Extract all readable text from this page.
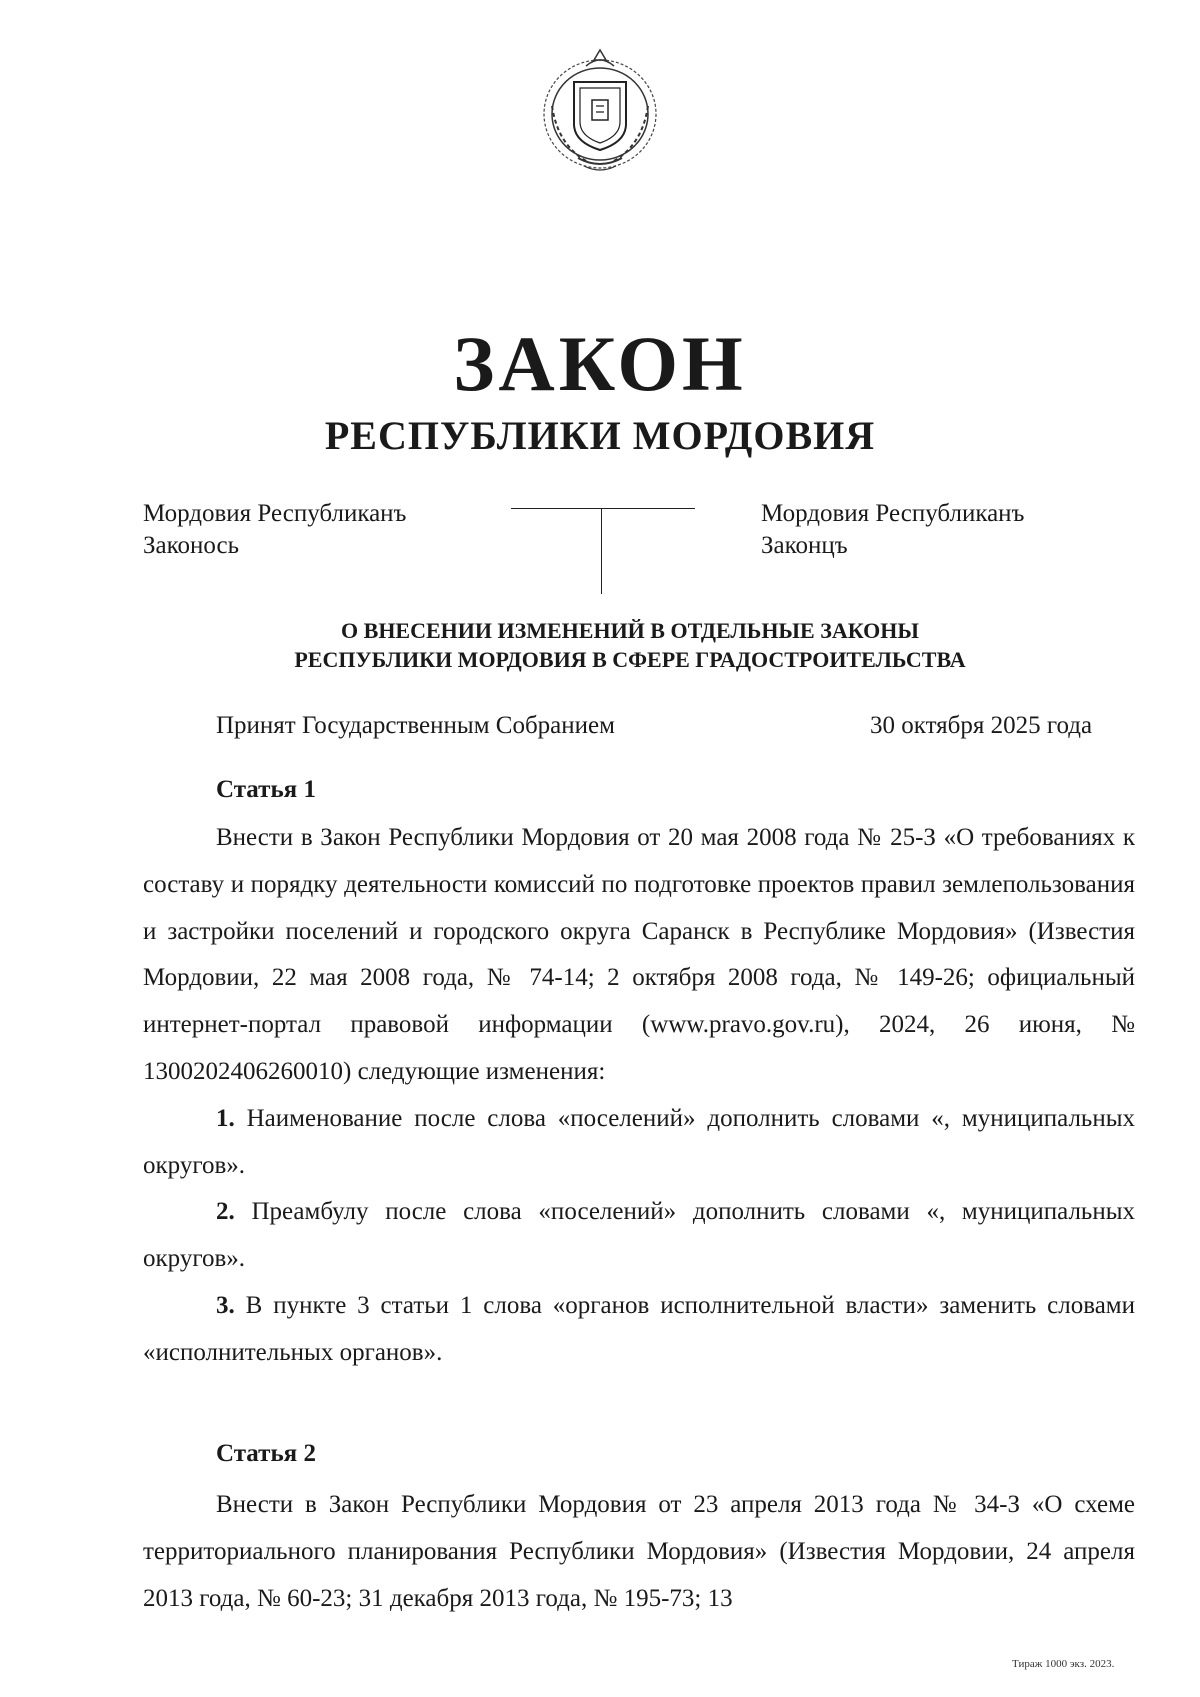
ЗАКОН
РЕСПУБЛИКИ МОРДОВИЯ
Мордовия Республиканъ
Законось
Мордовия Республиканъ
Законцъ
О ВНЕСЕНИИ ИЗМЕНЕНИЙ В ОТДЕЛЬНЫЕ ЗАКОНЫ
РЕСПУБЛИКИ МОРДОВИЯ В СФЕРЕ ГРАДОСТРОИТЕЛЬСТВА
Принят Государственным Собранием	30 октября 2025 года
Статья 1

Внести в Закон Республики Мордовия от 20 мая 2008 года № 25-З «О требованиях к составу и порядку деятельности комиссий по подготовке проектов правил землепользования и застройки поселений и городского округа Саранск в Республике Мордовия» (Известия Мордовии, 22 мая 2008 года, № 74-14; 2 октября 2008 года, № 149-26; официальный интернет-портал правовой информации (www.pravo.gov.ru), 2024, 26 июня, № 1300202406260010) следующие изменения:

1. Наименование после слова «поселений» дополнить словами «, муниципальных округов».

2. Преамбулу после слова «поселений» дополнить словами «, муниципальных округов».

3. В пункте 3 статьи 1 слова «органов исполнительной власти» заменить словами «исполнительных органов».

Статья 2

Внести в Закон Республики Мордовия от 23 апреля 2013 года № 34-З «О схеме территориального планирования Республики Мордовия» (Известия Мордовии, 24 апреля 2013 года, № 60-23; 31 декабря 2013 года, № 195-73; 13

Тираж 1000 экз. 2023.
